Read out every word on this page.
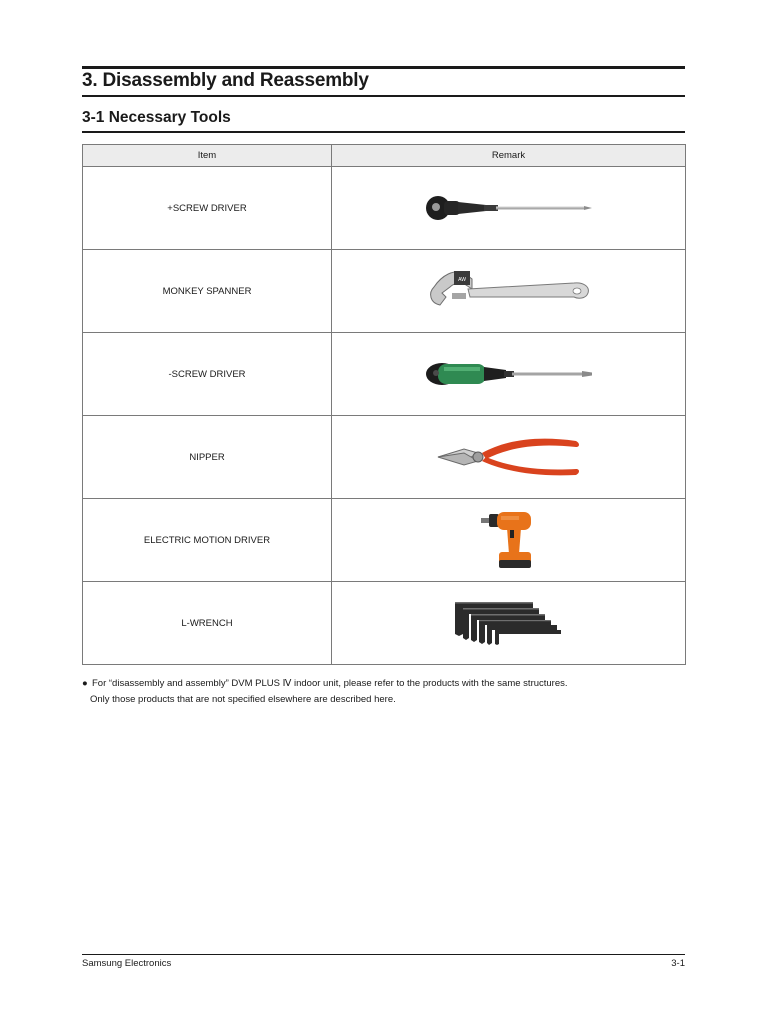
3. Disassembly and Reassembly
3-1 Necessary Tools
Item	Remark
+SCREW DRIVER	

MONKEY SPANNER	AW

-SCREW DRIVER	

NIPPER	

ELECTRIC MOTION DRIVER	

L-WRENCH	
● For “disassembly and assembly” DVM PLUS Ⅳ indoor unit, please refer to the products with the same structures.
Only those products that are not specified elsewhere are described here.
Samsung Electronics	3-1
